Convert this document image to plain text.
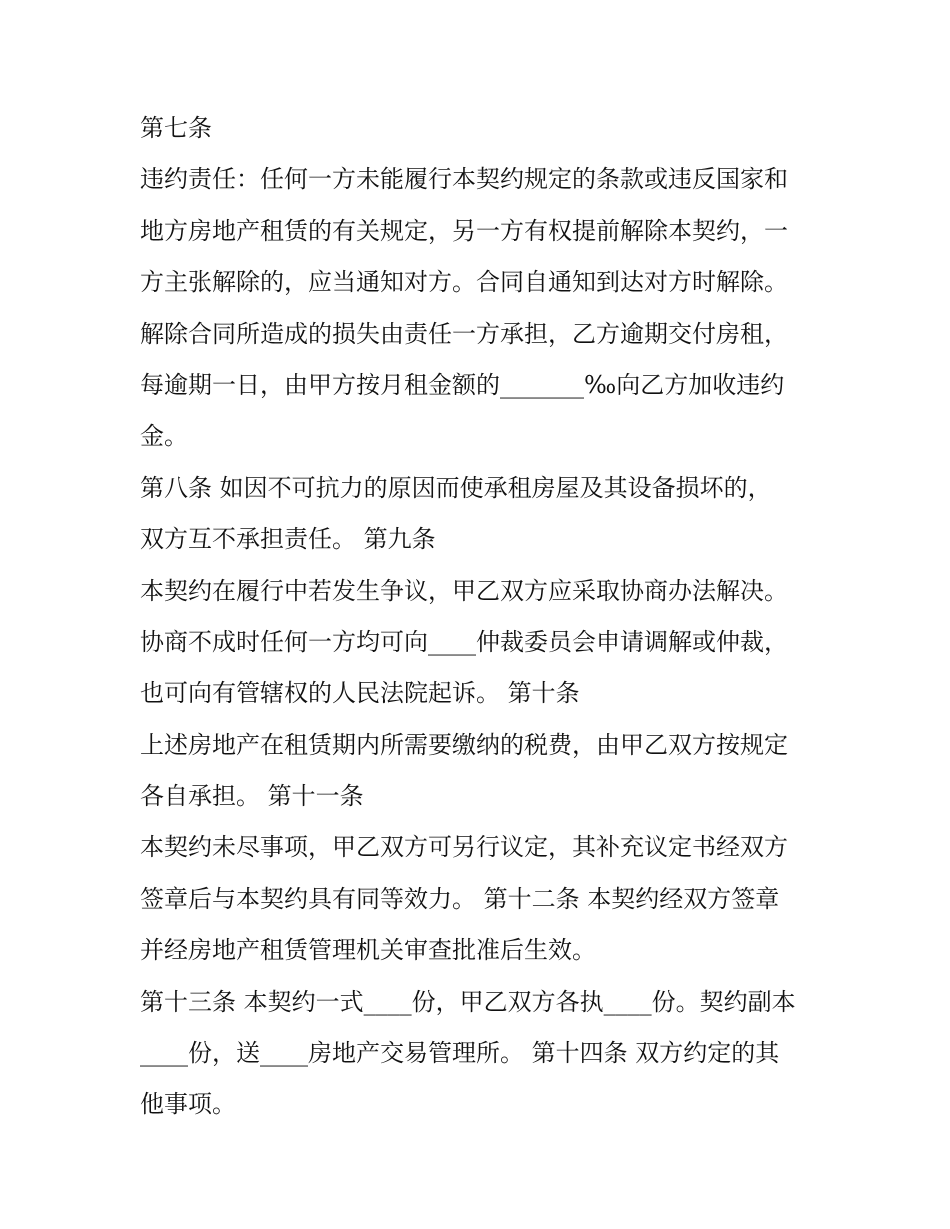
第七条
违约责任：任何一方未能履行本契约规定的条款或违反国家和
地方房地产租赁的有关规定，另一方有权提前解除本契约，一
方主张解除的，应当通知对方。合同自通知到达对方时解除。
解除合同所造成的损失由责任一方承担，乙方逾期交付房租，
每逾期一日，由甲方按月租金额的_______‰向乙方加收违约
金。
第八条 如因不可抗力的原因而使承租房屋及其设备损坏的，
双方互不承担责任。 第九条
本契约在履行中若发生争议，甲乙双方应采取协商办法解决。
协商不成时任何一方均可向____仲裁委员会申请调解或仲裁，
也可向有管辖权的人民法院起诉。 第十条
上述房地产在租赁期内所需要缴纳的税费，由甲乙双方按规定
各自承担。 第十一条
本契约未尽事项，甲乙双方可另行议定，其补充议定书经双方
签章后与本契约具有同等效力。 第十二条 本契约经双方签章
并经房地产租赁管理机关审查批准后生效。
第十三条 本契约一式____份，甲乙双方各执____份。契约副本
____份，送____房地产交易管理所。 第十四条 双方约定的其
他事项。
